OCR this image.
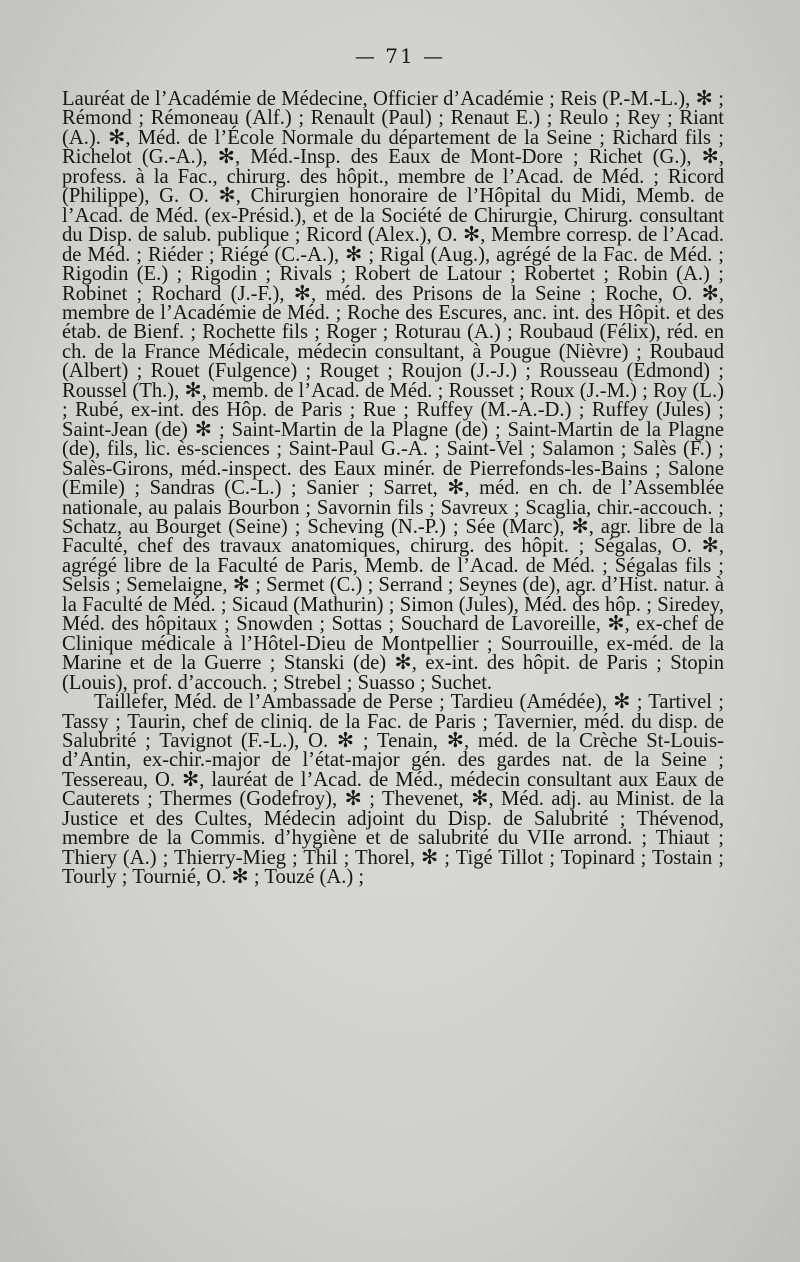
— 71 —

Lauréat de l’Académie de Médecine, Officier d’Académie ; Reis (P.-M.-L.), ✻ ; Rémond ; Rémoneau (Alf.) ; Renault (Paul) ; Renaut E.) ; Reulo ; Rey ; Riant (A.). ✻, Méd. de l’École Normale du département de la Seine ; Richard fils ; Richelot (G.-A.), ✻, Méd.-Insp. des Eaux de Mont-Dore ; Richet (G.), ✻, profess. à la Fac., chirurg. des hôpit., membre de l’Acad. de Méd. ; Ricord (Philippe), G. O. ✻, Chirurgien honoraire de l’Hôpital du Midi, Memb. de l’Acad. de Méd. (ex-Présid.), et de la Société de Chirurgie, Chirurg. consultant du Disp. de salub. publique ; Ricord (Alex.), O. ✻, Membre corresp. de l’Acad. de Méd. ; Riéder ; Riégé (C.-A.), ✻ ; Rigal (Aug.), agrégé de la Fac. de Méd. ; Rigodin (E.) ; Rigodin ; Rivals ; Robert de Latour ; Robertet ; Robin (A.) ; Robinet ; Rochard (J.-F.), ✻, méd. des Prisons de la Seine ; Roche, O. ✻, membre de l’Académie de Méd. ; Roche des Escures, anc. int. des Hôpit. et des étab. de Bienf. ; Rochette fils ; Roger ; Roturau (A.) ; Roubaud (Félix), réd. en ch. de la France Médicale, médecin consultant, à Pougue (Nièvre) ; Roubaud (Albert) ; Rouet (Fulgence) ; Rouget ; Roujon (J.-J.) ; Rousseau (Edmond) ; Roussel (Th.), ✻, memb. de l’Acad. de Méd. ; Rousset ; Roux (J.-M.) ; Roy (L.) ; Rubé, ex-int. des Hôp. de Paris ; Rue ; Ruffey (M.-A.-D.) ; Ruffey (Jules) ; Saint-Jean (de) ✻ ; Saint-Martin de la Plagne (de) ; Saint-Martin de la Plagne (de), fils, lic. ès-sciences ; Saint-Paul G.-A. ; Saint-Vel ; Salamon ; Salès (F.) ; Salès-Girons, méd.-inspect. des Eaux minér. de Pierrefonds-les-Bains ; Salone (Emile) ; Sandras (C.-L.) ; Sanier ; Sarret, ✻, méd. en ch. de l’Assemblée nationale, au palais Bourbon ; Savornin fils ; Savreux ; Scaglia, chir.-accouch. ; Schatz, au Bourget (Seine) ; Scheving (N.-P.) ; Sée (Marc), ✻, agr. libre de la Faculté, chef des travaux anatomiques, chirurg. des hôpit. ; Ségalas, O. ✻, agrégé libre de la Faculté de Paris, Memb. de l’Acad. de Méd. ; Ségalas fils ; Selsis ; Semelaigne, ✻ ; Sermet (C.) ; Serrand ; Seynes (de), agr. d’Hist. natur. à la Faculté de Méd. ; Sicaud (Mathurin) ; Simon (Jules), Méd. des hôp. ; Siredey, Méd. des hôpitaux ; Snowden ; Sottas ; Souchard de Lavoreille, ✻, ex-chef de Clinique médicale à l’Hôtel-Dieu de Montpellier ; Sourrouille, ex-méd. de la Marine et de la Guerre ; Stanski (de) ✻, ex-int. des hôpit. de Paris ; Stopin (Louis), prof. d’accouch. ; Strebel ; Suasso ; Suchet.

Taillefer, Méd. de l’Ambassade de Perse ; Tardieu (Amédée), ✻ ; Tartivel ; Tassy ; Taurin, chef de cliniq. de la Fac. de Paris ; Tavernier, méd. du disp. de Salubrité ; Tavignot (F.-L.), O. ✻ ; Tenain, ✻, méd. de la Crèche St-Louis-d’Antin, ex-chir.-major de l’état-major gén. des gardes nat. de la Seine ; Tessereau, O. ✻, lauréat de l’Acad. de Méd., médecin consultant aux Eaux de Cauterets ; Thermes (Godefroy), ✻ ; Thevenet, ✻, Méd. adj. au Minist. de la Justice et des Cultes, Médecin adjoint du Disp. de Salubrité ; Thévenod, membre de la Commis. d’hygiène et de salubrité du VIIe arrond. ; Thiaut ; Thiery (A.) ; Thierry-Mieg ; Thil ; Thorel, ✻ ; Tigé Tillot ; Topinard ; Tostain ; Tourly ; Tournié, O. ✻ ; Touzé (A.) ;
